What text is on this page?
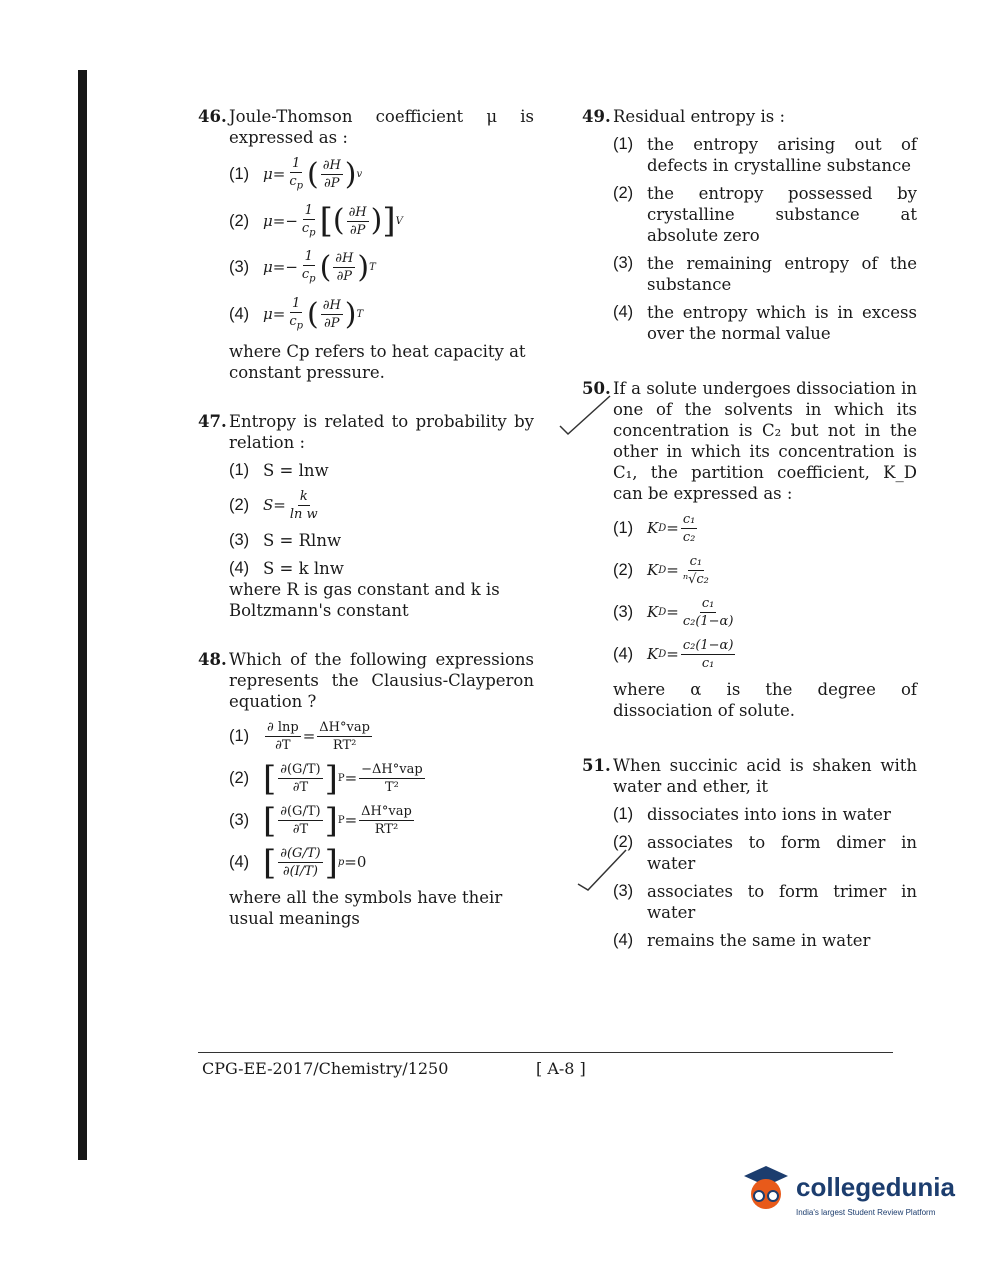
46. Joule-Thomson coefficient μ is expressed as :
(1) $\mu= \frac{1}{c_p}$ ( $\frac{\partial H}{\partial P}$ ) v
(2) $\mu=- \frac{1}{c_p}$ [ ( $\frac{\partial H}{\partial P}$ ) ] V
(3) $\mu=- \frac{1}{c_p}$ ( $\frac{\partial H}{\partial P}$ ) T
(4) $\mu= \frac{1}{c_p}$ ( $\frac{\partial H}{\partial P}$ ) T
where Cp refers to heat capacity at constant pressure.
47. Entropy is related to probability by relation :
(1) S = lnw
(2) $S= \frac{k}{\text{ln w}}$
(3) S = Rlnw
(4) S = k lnw
where R is gas constant and k is Boltzmann's constant
48. Which of the following expressions represents the Clausius-Clayperon equation ?
(1)	$\frac{\partial \ln p}{\partial T} = \frac{\text{ΔH°vap}}{\text{RT²}}$
(2) [ $\frac{\partial(G/T)}{\partial T}$ ] $P = \frac{\text{−ΔH°vap}}{\text{T²}}$
(3) [ $\frac{\partial(G/T)}{\partial T}$ ] $P = \frac{\text{ΔH°vap}}{\text{RT²}}$
(4) [ $\frac{\partial(G/T)}{\partial(I/T)}$ ] p =0
where all the symbols have their usual meanings
49. Residual entropy is :
(1) the entropy arising out of defects in crystalline substance
(2) the entropy possessed by crystalline substance at absolute zero
(3) the remaining entropy of the substance
(4) the entropy which is in excess over the normal value
50. If a solute undergoes dissociation in one of the solvents in which its concentration is C₂ but not in the other in which its concentration is C₁, the partition coefficient, K_D can be expressed as :
(1) K $D = \frac{\text{c₁}}{\text{c₂}}$
(2) K $D = \frac{\text{c₁}}{\text{ⁿ√c₂}}$
(3) K $D = \frac{\text{c₁}}{\text{c₂(1−α)}}$
(4) K $D = \frac{\text{c₂(1−α)}}{\text{c₁}}$
where α is the degree of dissociation of solute.
51. When succinic acid is shaken with water and ether, it
(1) dissociates into ions in water
(2) associates to form dimer in water
(3) associates to form trimer in water
(4) remains the same in water
CPG-EE-2017/Chemistry/1250	[ A-8 ]
collegedunia
India's largest Student Review Platform
